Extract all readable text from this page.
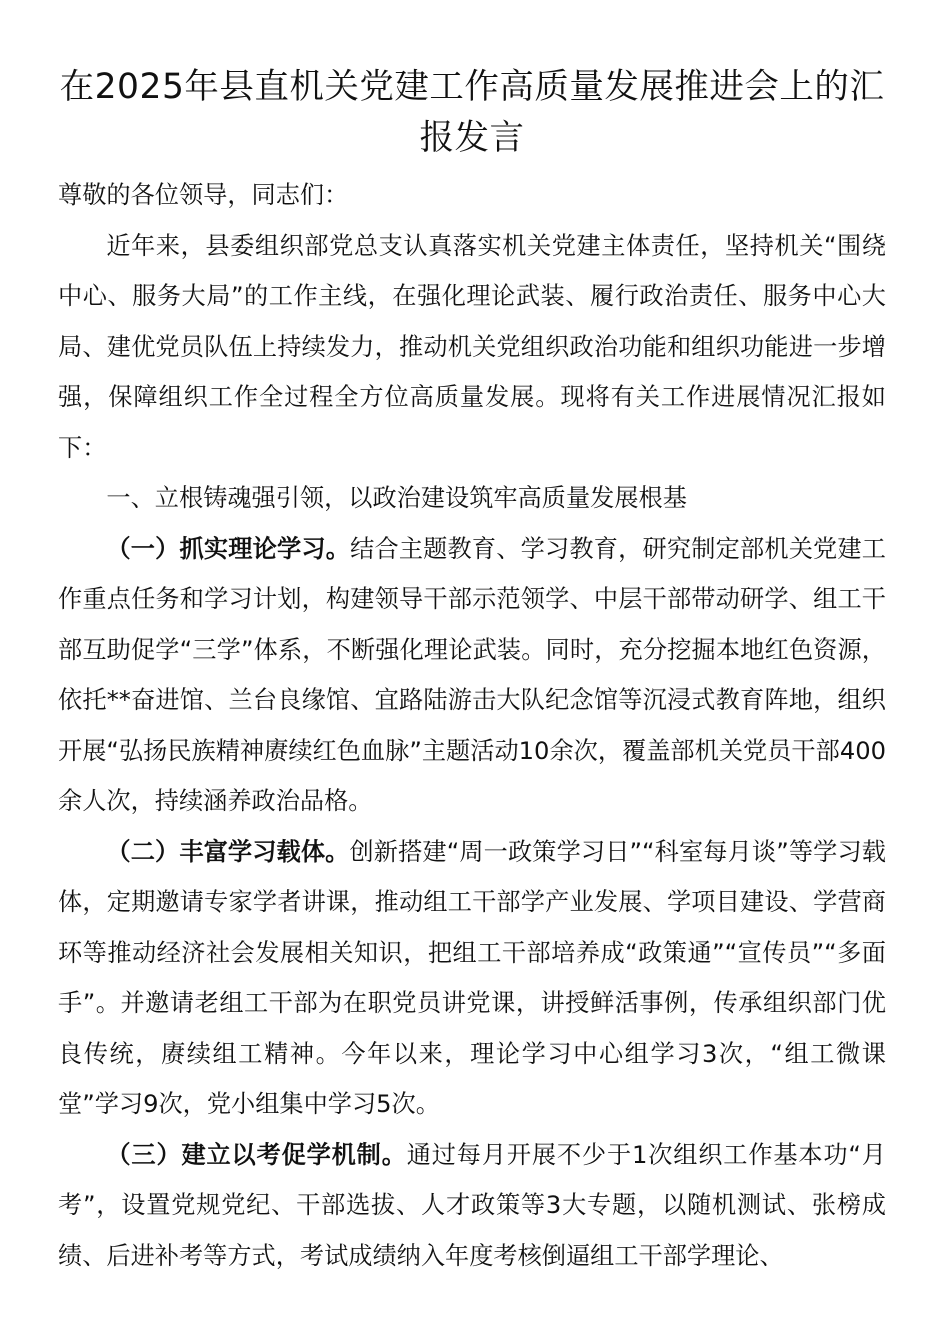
在2025年县直机关党建工作高质量发展推进会上的汇报发言

尊敬的各位领导，同志们：

近年来，县委组织部党总支认真落实机关党建主体责任，坚持机关“围绕中心、服务大局”的工作主线，在强化理论武装、履行政治责任、服务中心大局、建优党员队伍上持续发力，推动机关党组织政治功能和组织功能进一步增强，保障组织工作全过程全方位高质量发展。现将有关工作进展情况汇报如下：

一、立根铸魂强引领，以政治建设筑牢高质量发展根基

（一）抓实理论学习。结合主题教育、学习教育，研究制定部机关党建工作重点任务和学习计划，构建领导干部示范领学、中层干部带动研学、组工干部互助促学“三学”体系，不断强化理论武装。同时，充分挖掘本地红色资源，依托**奋进馆、兰台良缘馆、宜路陆游击大队纪念馆等沉浸式教育阵地，组织开展“弘扬民族精神赓续红色血脉”主题活动10余次，覆盖部机关党员干部400余人次，持续涵养政治品格。

（二）丰富学习载体。创新搭建“周一政策学习日”“科室每月谈”等学习载体，定期邀请专家学者讲课，推动组工干部学产业发展、学项目建设、学营商环等推动经济社会发展相关知识，把组工干部培养成“政策通”“宣传员”“多面手”。并邀请老组工干部为在职党员讲党课，讲授鲜活事例，传承组织部门优良传统，赓续组工精神。今年以来，理论学习中心组学习3次，“组工微课堂”学习9次，党小组集中学习5次。

（三）建立以考促学机制。通过每月开展不少于1次组织工作基本功“月考”，设置党规党纪、干部选拔、人才政策等3大专题，以随机测试、张榜成绩、后进补考等方式，考试成绩纳入年度考核倒逼组工干部学理论、
